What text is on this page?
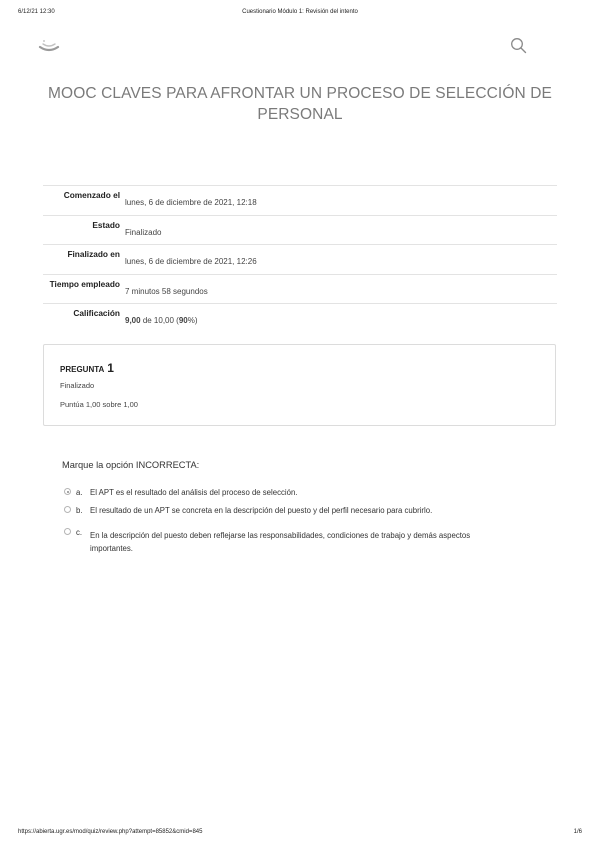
6/12/21 12:30	Cuestionario Módulo 1: Revisión del intento
MOOC CLAVES PARA AFRONTAR UN PROCESO DE SELECCIÓN DE PERSONAL
Comenzado el
lunes, 6 de diciembre de 2021, 12:18
Estado
Finalizado
Finalizado en
lunes, 6 de diciembre de 2021, 12:26
Tiempo empleado
7 minutos 58 segundos
Calificación
9,00 de 10,00 (90%)
PREGUNTA 1
Finalizado
Puntúa 1,00 sobre 1,00
Marque la opción INCORRECTA:
a. El APT es el resultado del análisis del proceso de selección.
b. El resultado de un APT se concreta en la descripción del puesto y del perfil necesario para cubrirlo.
c. En la descripción del puesto deben reflejarse las responsabilidades, condiciones de trabajo y demás aspectos importantes.
https://abierta.ugr.es/mod/quiz/review.php?attempt=85852&cmid=845	1/6
